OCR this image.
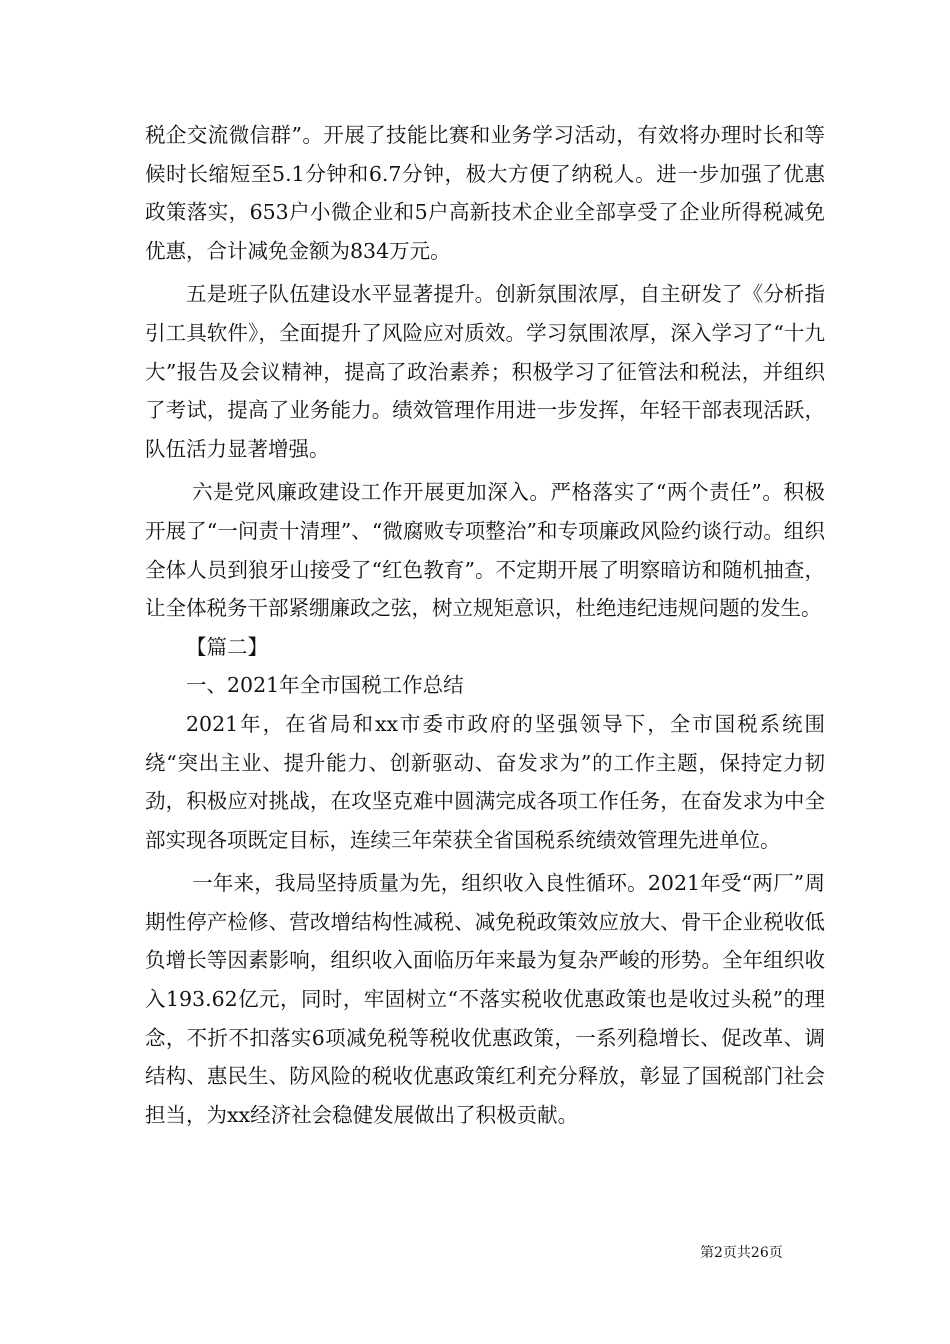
税企交流微信群”。开展了技能比赛和业务学习活动，有效将办理时长和等候时长缩短至5.1分钟和6.7分钟，极大方便了纳税人。进一步加强了优惠政策落实，653户小微企业和5户高新技术企业全部享受了企业所得税减免优惠，合计减免金额为834万元。

五是班子队伍建设水平显著提升。创新氛围浓厚，自主研发了《分析指引工具软件》，全面提升了风险应对质效。学习氛围浓厚，深入学习了“十九大”报告及会议精神，提高了政治素养；积极学习了征管法和税法，并组织了考试，提高了业务能力。绩效管理作用进一步发挥，年轻干部表现活跃，队伍活力显著增强。

六是党风廉政建设工作开展更加深入。严格落实了“两个责任”。积极开展了“一问责十清理”、“微腐败专项整治”和专项廉政风险约谈行动。组织全体人员到狼牙山接受了“红色教育”。不定期开展了明察暗访和随机抽查，让全体税务干部紧绷廉政之弦，树立规矩意识，杜绝违纪违规问题的发生。

【篇二】

一、2021年全市国税工作总结

2021年，在省局和xx市委市政府的坚强领导下，全市国税系统围绕“突出主业、提升能力、创新驱动、奋发求为”的工作主题，保持定力韧劲，积极应对挑战，在攻坚克难中圆满完成各项工作任务，在奋发求为中全部实现各项既定目标，连续三年荣获全省国税系统绩效管理先进单位。

一年来，我局坚持质量为先，组织收入良性循环。2021年受“两厂”周期性停产检修、营改增结构性减税、减免税政策效应放大、骨干企业税收低负增长等因素影响，组织收入面临历年来最为复杂严峻的形势。全年组织收入193.62亿元，同时，牢固树立“不落实税收优惠政策也是收过头税”的理念，不折不扣落实6项减免税等税收优惠政策，一系列稳增长、促改革、调结构、惠民生、防风险的税收优惠政策红利充分释放，彰显了国税部门社会担当，为xx经济社会稳健发展做出了积极贡献。

第2页共26页
